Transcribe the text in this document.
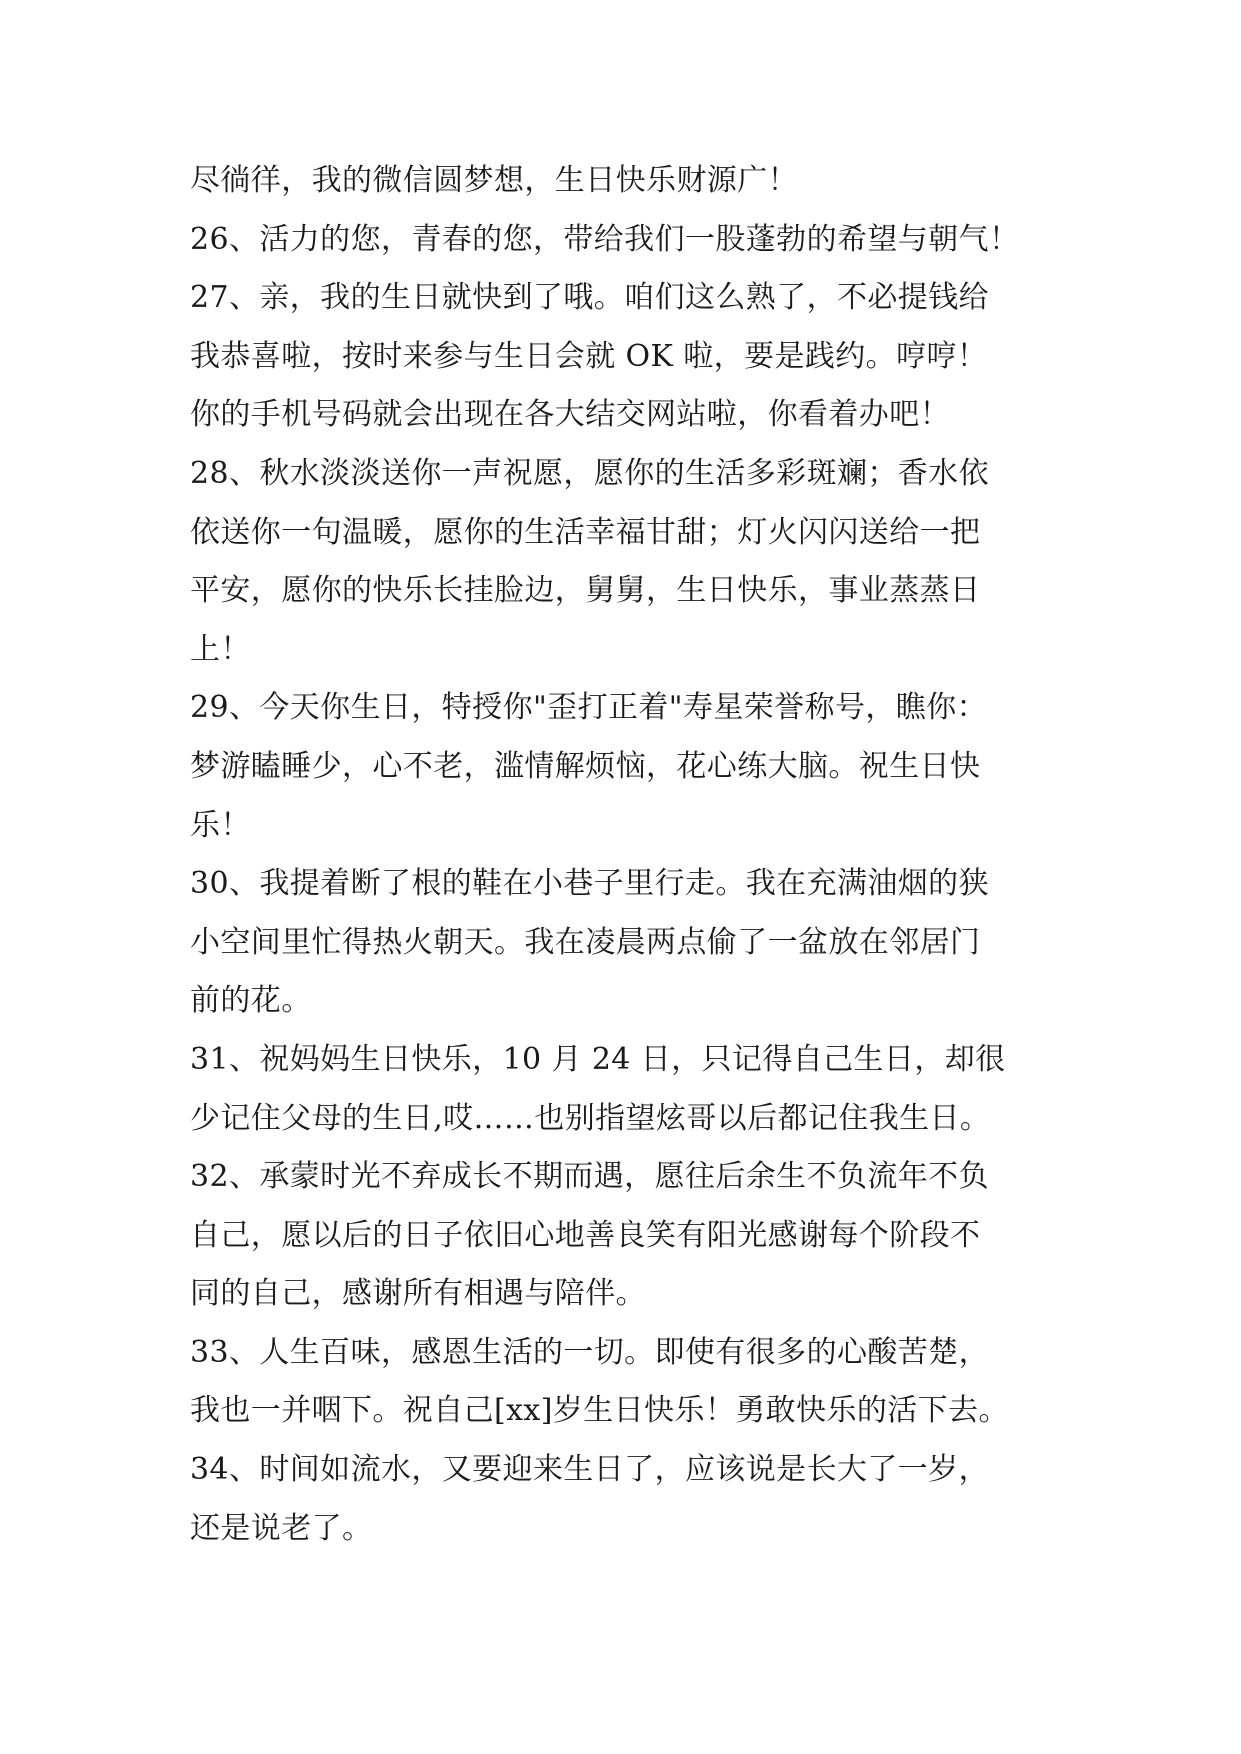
尽徜徉，我的微信圆梦想，生日快乐财源广！
26、活力的您，青春的您，带给我们一股蓬勃的希望与朝气！
27、亲，我的生日就快到了哦。咱们这么熟了，不必提钱给
我恭喜啦，按时来参与生日会就 OK 啦，要是践约。哼哼！
你的手机号码就会出现在各大结交网站啦，你看着办吧！
28、秋水淡淡送你一声祝愿，愿你的生活多彩斑斓；香水依
依送你一句温暖，愿你的生活幸福甘甜；灯火闪闪送给一把
平安，愿你的快乐长挂脸边，舅舅，生日快乐，事业蒸蒸日
上！
29、今天你生日，特授你"歪打正着"寿星荣誉称号，瞧你：
梦游瞌睡少，心不老，滥情解烦恼，花心练大脑。祝生日快
乐！
30、我提着断了根的鞋在小巷子里行走。我在充满油烟的狭
小空间里忙得热火朝天。我在凌晨两点偷了一盆放在邻居门
前的花。
31、祝妈妈生日快乐，10 月 24 日，只记得自己生日，却很
少记住父母的生日,哎……也别指望炫哥以后都记住我生日。
32、承蒙时光不弃成长不期而遇，愿往后余生不负流年不负
自己，愿以后的日子依旧心地善良笑有阳光感谢每个阶段不
同的自己，感谢所有相遇与陪伴。
33、人生百味，感恩生活的一切。即使有很多的心酸苦楚，
我也一并咽下。祝自己[xx]岁生日快乐！勇敢快乐的活下去。
34、时间如流水，又要迎来生日了，应该说是长大了一岁，
还是说老了。
